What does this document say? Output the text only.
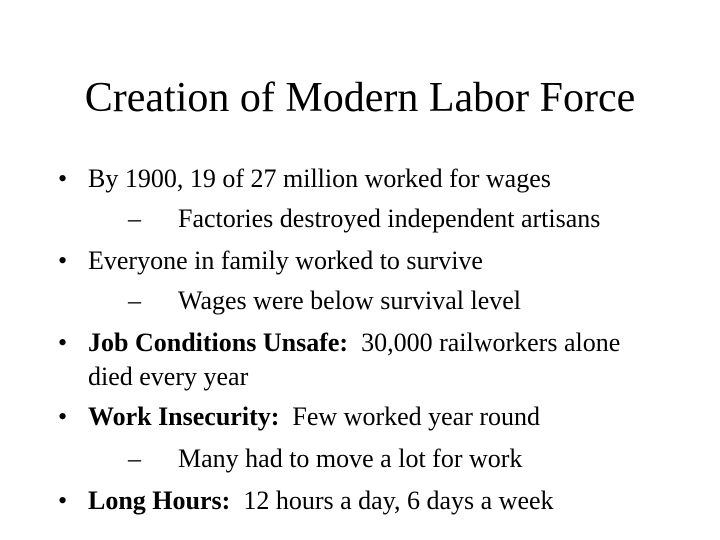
Creation of Modern Labor Force
• By 1900, 19 of 27 million worked for wages
– Factories destroyed independent artisans
• Everyone in family worked to survive
– Wages were below survival level
• Job Conditions Unsafe: 30,000 railworkers alone
died every year
• Work Insecurity: Few worked year round
– Many had to move a lot for work
• Long Hours: 12 hours a day, 6 days a week
